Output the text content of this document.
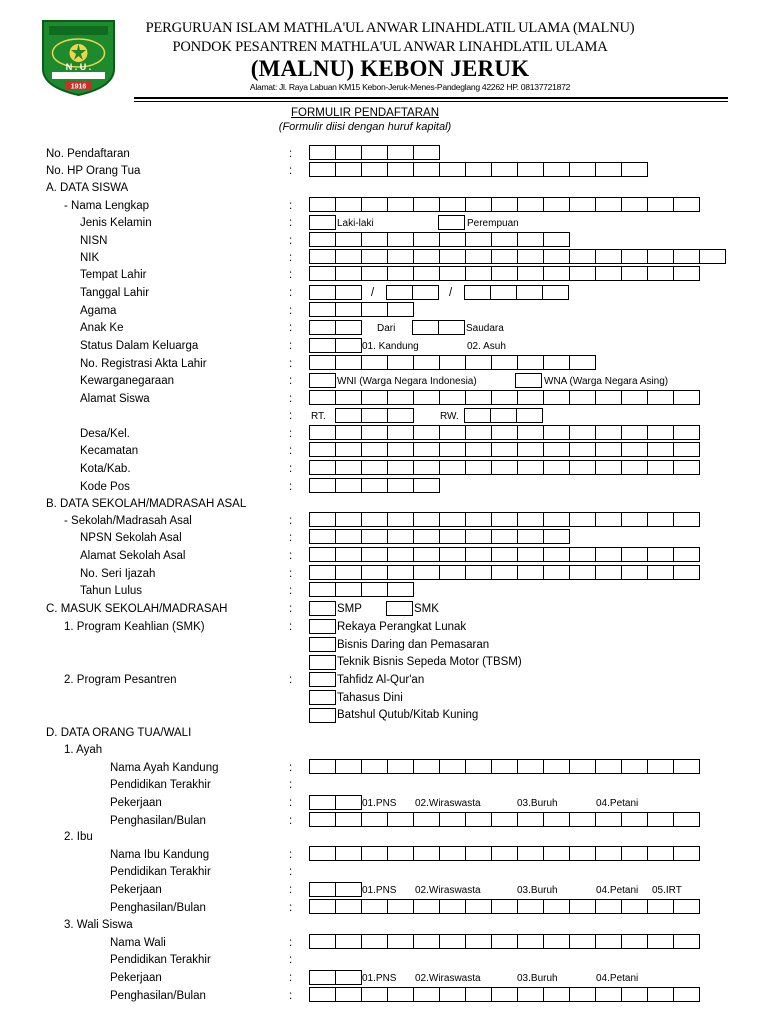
1916
N . U .
PERGURUAN ISLAM MATHLA'UL ANWAR LINAHDLATIL ULAMA (MALNU)
PONDOK PESANTREN MATHLA'UL ANWAR LINAHDLATIL ULAMA
(MALNU) KEBON JERUK
Alamat: Jl. Raya Labuan KM15 Kebon-Jeruk-Menes-Pandeglang 42262 HP. 08137721872
FORMULIR PENDAFTARAN
(Formulir diisi dengan huruf kapital)
No. Pendaftaran	:
No. HP Orang Tua	:
A. DATA SISWA
- Nama Lengkap	:
Jenis Kelamin	:	Laki-laki	Perempuan
NISN	:
NIK	:
Tempat Lahir	:
Tanggal Lahir	:	/	/
Agama	:
Anak Ke	:	Dari	Saudara
Status Dalam Keluarga	:	01. Kandung	02. Asuh
No. Registrasi Akta Lahir	:
Kewarganegaraan	:	WNI (Warga Negara Indonesia)	WNA (Warga Negara Asing)
Alamat Siswa	:
: RT.	RW.
Desa/Kel.	:
Kecamatan	:
Kota/Kab.	:
Kode Pos	:
B. DATA SEKOLAH/MADRASAH ASAL
- Sekolah/Madrasah Asal	:
NPSN Sekolah Asal	:
Alamat Sekolah Asal	:
No. Seri Ijazah	:
Tahun Lulus	:
C. MASUK SEKOLAH/MADRASAH	:	SMP	SMK
1. Program Keahlian (SMK)	:	Rekaya Perangkat Lunak
Bisnis Daring dan Pemasaran
Teknik Bisnis Sepeda Motor (TBSM)
2. Program Pesantren	:	Tahfidz Al-Qur'an
Tahasus Dini
Batshul Qutub/Kitab Kuning
D. DATA ORANG TUA/WALI
1. Ayah
Nama Ayah Kandung	:
Pendidikan Terakhir	:
Pekerjaan	:	01.PNS 02.Wiraswasta	03.Buruh	04.Petani
Penghasilan/Bulan	:
2. Ibu
Nama Ibu Kandung	:
Pendidikan Terakhir	:
Pekerjaan	:	01.PNS 02.Wiraswasta	03.Buruh	04.Petani 05.IRT
Penghasilan/Bulan	:
3. Wali Siswa
Nama Wali	:
Pendidikan Terakhir	:
Pekerjaan	:	01.PNS 02.Wiraswasta	03.Buruh	04.Petani
Penghasilan/Bulan	:
